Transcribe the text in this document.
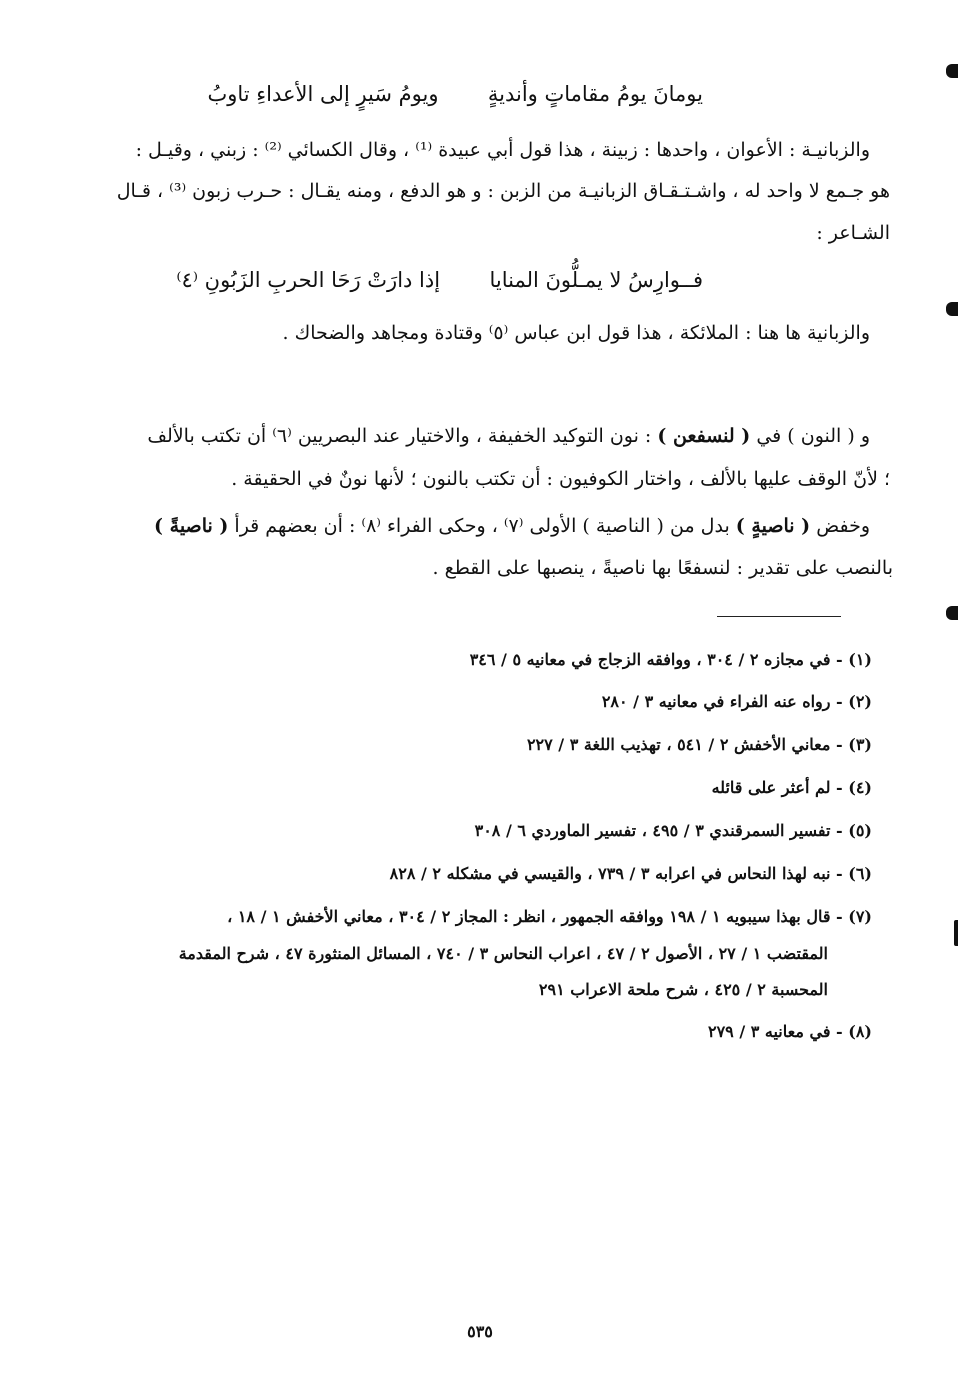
يومانَ يومُ مقاماتٍ وأنديةٍ  ويومُ سَيرٍ إلى الأعداءِ تاوبُ
والزبانيـة : الأعوان ، واحدها : زبينة ، هذا قول أبي عبيدة ⁽¹⁾ ، وقال الكسائي ⁽²⁾ : زبني ، وقيـل :
هو جـمع لا واحد له ، واشـتـقـاق الزبانيـة من الزبن : و هو الدفع ، ومنه يقـال : حـرب زبون ⁽³⁾ ، قـال
الشـاعر :
فــوارِسُ لا يمـلُّونَ المنايا  إذا دارَتْ رَحَا الحربِ الزَبُونِ ⁽٤⁾
والزبانية ها هنا : الملائكة ، هذا قول ابن عباس ⁽٥⁾ وقتادة ومجاهد والضحاك .
و ( النون ) في ( لنسفعن ) : نون التوكيد الخفيفة ، والاختيار عند البصريين ⁽٦⁾ أن تكتب بالألف
؛ لأنّ الوقف عليها بالألف ، واختار الكوفيون : أن تكتب بالنون ؛ لأنها نونٌ في الحقيقة .
وخفض ( ناصيةٍ ) بدل من ( الناصية ) الأولى ⁽٧⁾ ، وحكى الفراء ⁽٨⁾ : أن بعضهم قرأ ( ناصيةً )
بالنصب على تقدير : لنسفعًا بها ناصيةً ، ينصبها على القطع .
(١) - في مجازه ٢ / ٣٠٤ ، ووافقه الزجاج في معانيه ٥ / ٣٤٦
(٢) - رواه عنه الفراء في معانيه ٣ / ٢٨٠
(٣) - معاني الأخفش ٢ / ٥٤١ ، تهذيب اللغة ٣ / ٢٢٧
(٤) - لم أعثر على قائله
(٥) - تفسير السمرقندي ٣ / ٤٩٥ ، تفسير الماوردي ٦ / ٣٠٨
(٦) - نبه لهذا النحاس في اعرابه ٣ / ٧٣٩ ، والقيسي في مشكله ٢ / ٨٢٨
(٧) - قال بهذا سيبويه ١ / ١٩٨ ووافقه الجمهور ، انظر : المجاز ٢ / ٣٠٤ ، معاني الأخفش ١ / ١٨ ،
المقتضب ١ / ٢٧ ، الأصول ٢ / ٤٧ ، اعراب النحاس ٣ / ٧٤٠ ، المسائل المنثورة ٤٧ ، شرح المقدمة
المحسبة ٢ / ٤٢٥ ، شرح ملحة الاعراب ٢٩١
(٨) - في معانيه ٣ / ٢٧٩
٥٣٥
